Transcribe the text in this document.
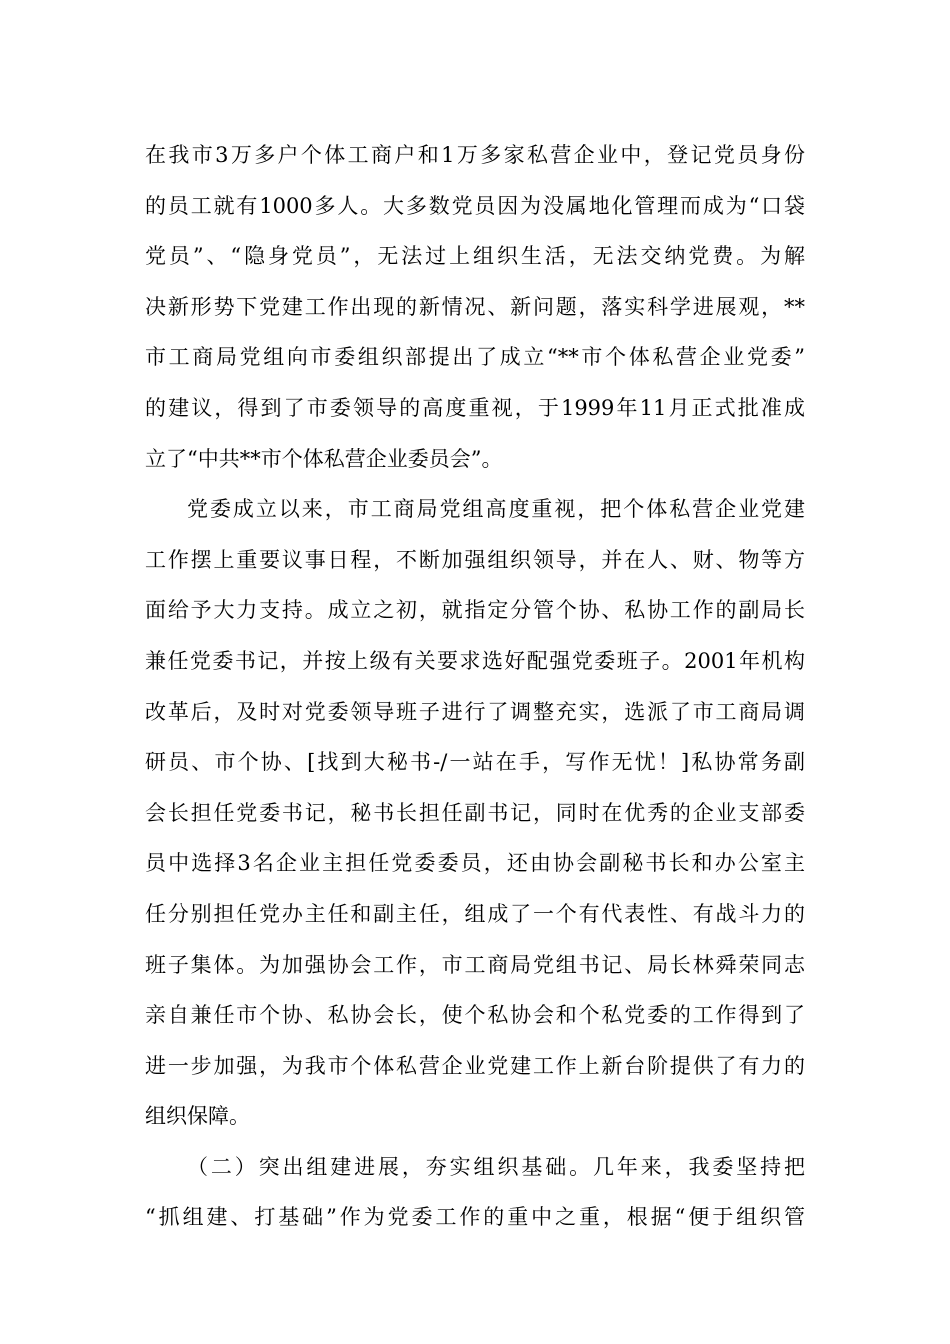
在我市3万多户个体工商户和1万多家私营企业中，登记党员身份
的员工就有1000多人。大多数党员因为没属地化管理而成为“口袋
党员”、“隐身党员”，无法过上组织生活，无法交纳党费。为解
决新形势下党建工作出现的新情况、新问题，落实科学进展观，**
市工商局党组向市委组织部提出了成立“**市个体私营企业党委”
的建议，得到了市委领导的高度重视，于1999年11月正式批准成
立了“中共**市个体私营企业委员会”。
党委成立以来，市工商局党组高度重视，把个体私营企业党建
工作摆上重要议事日程，不断加强组织领导，并在人、财、物等方
面给予大力支持。成立之初，就指定分管个协、私协工作的副局长
兼任党委书记，并按上级有关要求选好配强党委班子。2001年机构
改革后，及时对党委领导班子进行了调整充实，选派了市工商局调
研员、市个协、[找到大秘书-/一站在手，写作无忧！]私协常务副
会长担任党委书记，秘书长担任副书记，同时在优秀的企业支部委
员中选择3名企业主担任党委委员，还由协会副秘书长和办公室主
任分别担任党办主任和副主任，组成了一个有代表性、有战斗力的
班子集体。为加强协会工作，市工商局党组书记、局长林舜荣同志
亲自兼任市个协、私协会长，使个私协会和个私党委的工作得到了
进一步加强，为我市个体私营企业党建工作上新台阶提供了有力的
组织保障。
（二）突出组建进展，夯实组织基础。几年来，我委坚持把
“抓组建、打基础”作为党委工作的重中之重，根据“便于组织管
